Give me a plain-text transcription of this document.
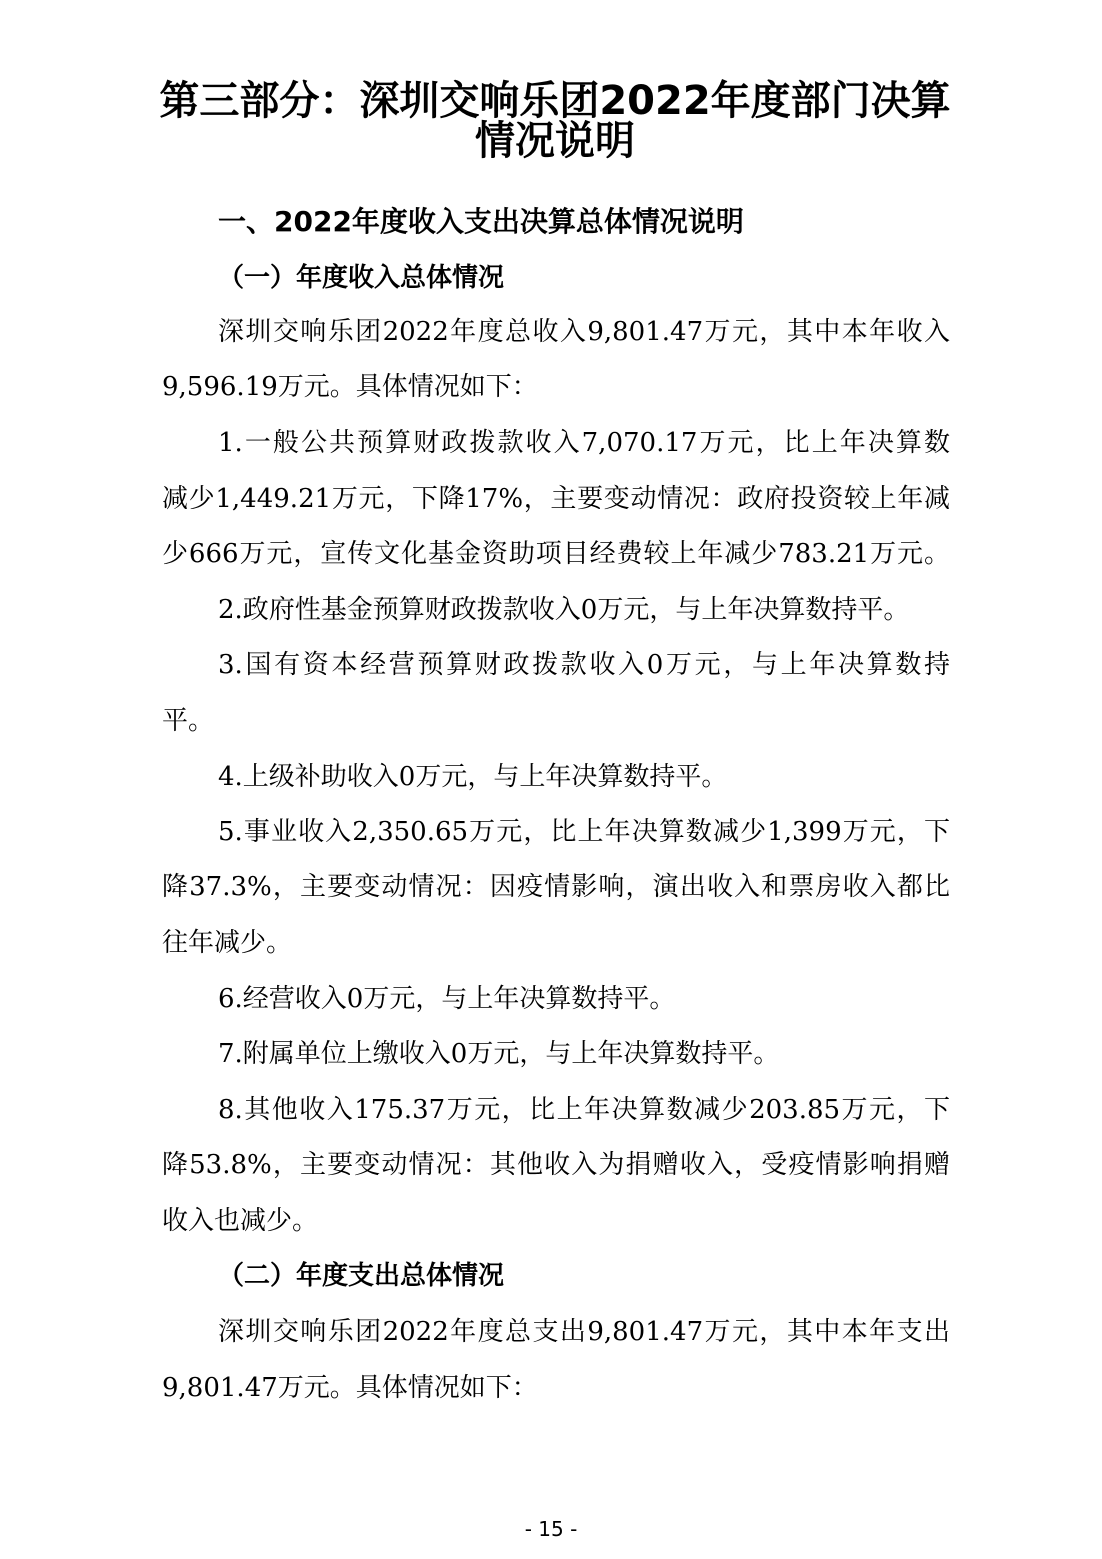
第三部分：深圳交响乐团2022年度部门决算
情况说明
一、2022年度收入支出决算总体情况说明
（一）年度收入总体情况

深圳交响乐团2022年度总收入9,801.47万元，其中本年收入

9,596.19万元。具体情况如下：

1.一般公共预算财政拨款收入7,070.17万元，比上年决算数

减少1,449.21万元，下降17%，主要变动情况：政府投资较上年减

少666万元，宣传文化基金资助项目经费较上年减少783.21万元。

2.政府性基金预算财政拨款收入0万元，与上年决算数持平。

3.国有资本经营预算财政拨款收入0万元，与上年决算数持

平。

4.上级补助收入0万元，与上年决算数持平。

5.事业收入2,350.65万元，比上年决算数减少1,399万元，下

降37.3%，主要变动情况：因疫情影响，演出收入和票房收入都比

往年减少。

6.经营收入0万元，与上年决算数持平。

7.附属单位上缴收入0万元，与上年决算数持平。

8.其他收入175.37万元，比上年决算数减少203.85万元，下

降53.8%，主要变动情况：其他收入为捐赠收入，受疫情影响捐赠

收入也减少。

（二）年度支出总体情况

深圳交响乐团2022年度总支出9,801.47万元，其中本年支出

9,801.47万元。具体情况如下：

- 15 -
